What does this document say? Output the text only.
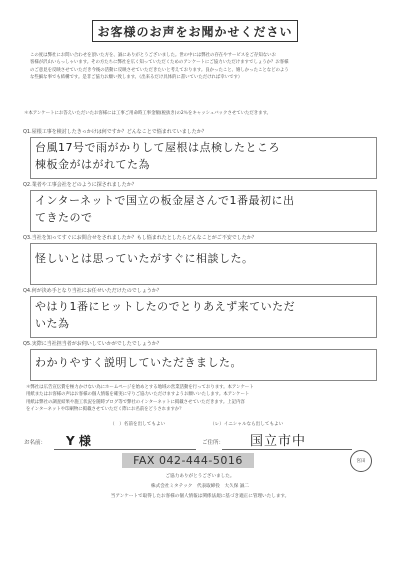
お客様のお声をお聞かせください
この度は弊社にお問い合わせを頂いた方を、誠にありがとうございました。世の中には弊社の存在やサービスをご存知ないお
客様が沢山いらっしゃいます。その方たちに弊社を広く知っていただくためのアンケートにご協力いただけますでしょうか？お客様
のご意見を反映させていただき今後の活動に反映させていただきたいと考えております。良かったこと、嬉しかったことなどのよう
な些細な事でも結構です。是非ご協力お願い致します。（出来るだけ具体的に書いていただければ幸いです）
＊本アンケートにお答えいただいたお客様には工事ご用命時工事金額(税抜き)の2％をキャッシュバックさせていただきます。
Q1.屋根工事を検討したきっかけは何ですか？どんなことで悩まれていましたか？
台風17号で雨がかりして屋根は点検したところ
棟板金がはがれてた為
Q2.業者や工事会社をどのように探されましたか？
インターネットで国立の板金屋さんで1番最初に出
てきたので
Q3.当社を知ってすぐにお問合せをされましたか？もし悩まれたとしたらどんなことがご不安でしたか？
怪しいとは思っていたがすぐに相談した。
Q4.何が決め手となり当社にお任せいただけたのでしょうか？
やはり1番にヒットしたのでとりあえず来ていただ
いた為
Q5.実際に当社担当者がお伺いしていかがでしたでしょうか？
わかりやすく説明していただきました。
＊弊社は広告宣伝費を極力かけない為にホームページを始めとする地域の営業活動を行っております。本アンケート
用紙またはお客様の声はお客様の個人情報を確実に守りご協力いただけますようお願いいたします。本アンケート
用紙は弊社の調査結果や施工状況を随時ブログ等で弊社のインターネットに掲載させていただきます。上記内容
をインターネットや印刷物に掲載させていただく際にお名前をどうされますか？
（　）名前を出してもよい	（レ）イニシャルなら出してもよい
お名前： Y 様	ご住所： 国立市中
宮田
FAX 042-444-5016
ご協力ありがとうございました。
株式会社ミタテック　代表取締役　大久保 誠二
当アンケートで取得したお客様の個人情報は関係法規に基づき適正に管理いたします。
